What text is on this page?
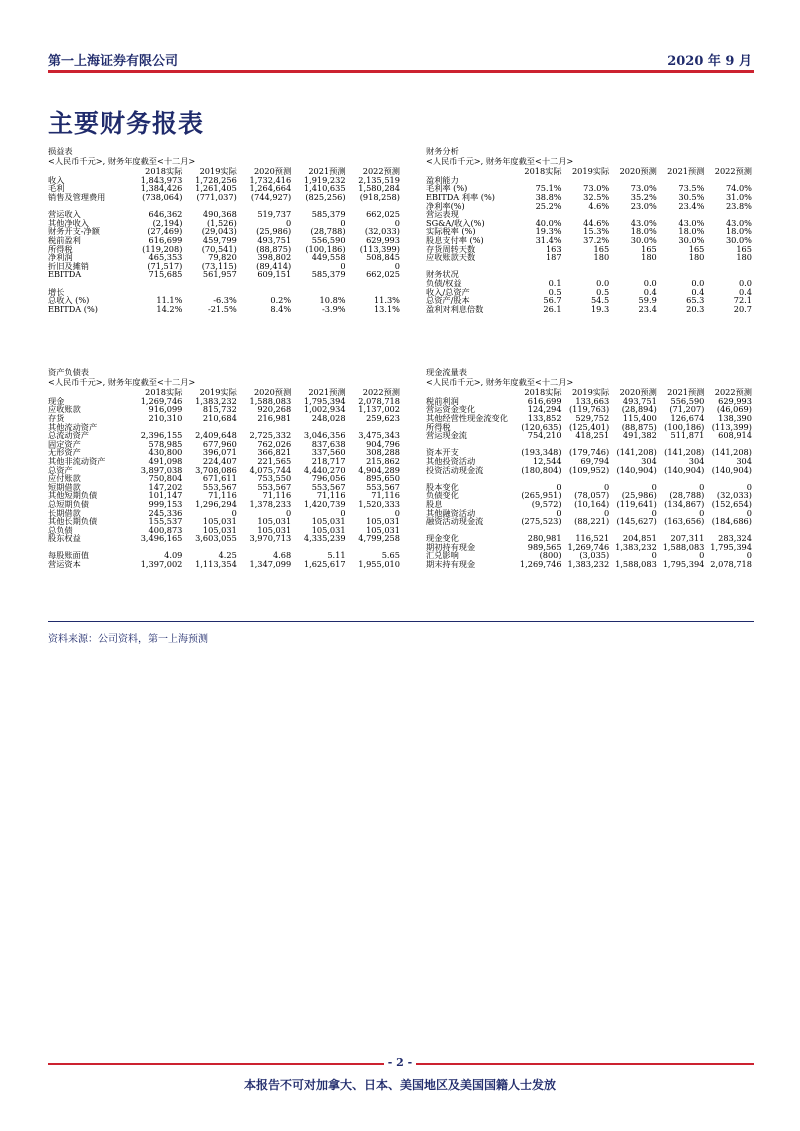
第一上海证券有限公司	2020 年 9 月
主要财务报表
损益表
<人民币千元>, 财务年度截至<十二月>
2018实际	2019实际	2020预测	2021预测	2022预测
收入	1,843,973	1,728,256	1,732,416	1,919,232	2,135,519
毛利	1,384,426	1,261,405	1,264,664	1,410,635	1,580,284
销售及管理费用	(738,064)	(771,037)	(744,927)	(825,256)	(918,258)
营运收入	646,362	490,368	519,737	585,379	662,025
其他净收入	(2,194)	(1,526)	0	0	0
财务开支-净额	(27,469)	(29,043)	(25,986)	(28,788)	(32,033)
税前盈利	616,699	459,799	493,751	556,590	629,993
所得税	(119,208)	(70,541)	(88,875)	(100,186)	(113,399)
净利润	465,353	79,820	398,802	449,558	508,845
折旧及摊销	(71,517)	(73,115)	(89,414)	0	0
EBITDA	715,685	561,957	609,151	585,379	662,025
增长
总收入 (%)	11.1%	-6.3%	0.2%	10.8%	11.3%
EBITDA (%)	14.2%	-21.5%	8.4%	-3.9%	13.1%
财务分析
<人民币千元>, 财务年度截至<十二月>
2018实际	2019实际	2020预测	2021预测	2022预测
盈利能力
毛利率 (%)	75.1%	73.0%	73.0%	73.5%	74.0%
EBITDA 利率 (%)	38.8%	32.5%	35.2%	30.5%	31.0%
净利率(%)	25.2%	4.6%	23.0%	23.4%	23.8%
营运表现
SG&A/收入(%)	40.0%	44.6%	43.0%	43.0%	43.0%
实际税率 (%)	19.3%	15.3%	18.0%	18.0%	18.0%
股息支付率 (%)	31.4%	37.2%	30.0%	30.0%	30.0%
存货周转天数	163	165	165	165	165
应收账款天数	187	180	180	180	180
财务状况
负债/权益	0.1	0.0	0.0	0.0	0.0
收入/总资产	0.5	0.5	0.4	0.4	0.4
总资产/股本	56.7	54.5	59.9	65.3	72.1
盈利对利息倍数	26.1	19.3	23.4	20.3	20.7
资产负债表
<人民币千元>, 财务年度截至<十二月>
2018实际	2019实际	2020预测	2021预测	2022预测
现金	1,269,746	1,383,232	1,588,083	1,795,394	2,078,718
应收账款	916,099	815,732	920,268	1,002,934	1,137,002
存货	210,310	210,684	216,981	248,028	259,623
其他流动资产
总流动资产	2,396,155	2,409,648	2,725,332	3,046,356	3,475,343
固定资产	578,985	677,960	762,026	837,638	904,796
无形资产	430,800	396,071	366,821	337,560	308,288
其他非流动资产	491,098	224,407	221,565	218,717	215,862
总资产	3,897,038	3,708,086	4,075,744	4,440,270	4,904,289
应付账款	750,804	671,611	753,550	796,056	895,650
短期借款	147,202	553,567	553,567	553,567	553,567
其他短期负债	101,147	71,116	71,116	71,116	71,116
总短期负债	999,153	1,296,294	1,378,233	1,420,739	1,520,333
长期借款	245,336	0	0	0	0
其他长期负债	155,537	105,031	105,031	105,031	105,031
总负债	400,873	105,031	105,031	105,031	105,031
股东权益	3,496,165	3,603,055	3,970,713	4,335,239	4,799,258
每股账面值	4.09	4.25	4.68	5.11	5.65
营运资本	1,397,002	1,113,354	1,347,099	1,625,617	1,955,010
现金流量表
<人民币千元>, 财务年度截至<十二月>
2018实际	2019实际	2020预测	2021预测	2022预测
税前利润	616,699	133,663	493,751	556,590	629,993
营运资金变化	124,294 (119,763)	(28,894)	(71,207)	(46,069)
其他经营性现金流变化	133,852	529,752	115,400	126,674	138,390
所得税	(120,635) (125,401)	(88,875) (100,186) (113,399)
营运现金流	754,210	418,251	491,382	511,871	608,914
资本开支	(193,348) (179,746) (141,208) (141,208) (141,208)
其他投资活动	12,544	69,794	304	304	304
投资活动现金流	(180,804) (109,952) (140,904) (140,904) (140,904)
股本变化	0	0	0	0	0
负债变化	(265,951)	(78,057)	(25,986)	(28,788)	(32,033)
股息	(9,572)	(10,164) (119,641) (134,867) (152,654)
其他融资活动	0	0	0	0	0
融资活动现金流	(275,523)	(88,221) (145,627) (163,656) (184,686)
现金变化	280,981	116,521	204,851	207,311	283,324
期初持有现金	989,565 1,269,746 1,383,232 1,588,083 1,795,394
汇兑影响	(800)	(3,035)	0	0	0
期末持有现金	1,269,746 1,383,232 1,588,083 1,795,394 2,078,718
资料来源：公司资料，第一上海预测
- 2 -
本报告不可对加拿大、日本、美国地区及美国国籍人士发放
